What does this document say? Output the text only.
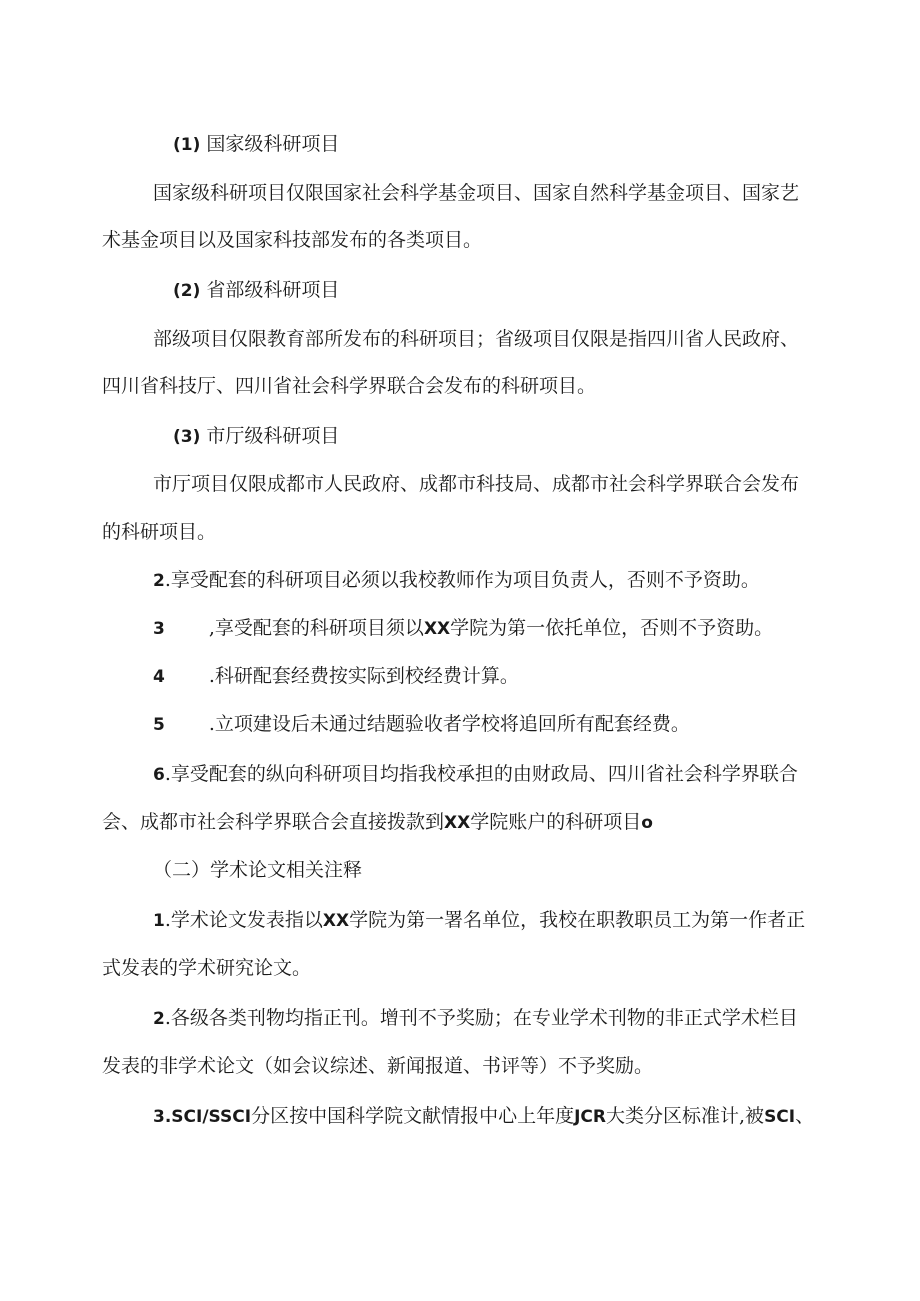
(1) 国家级科研项目
国家级科研项目仅限国家社会科学基金项目、国家自然科学基金项目、国家艺
术基金项目以及国家科技部发布的各类项目。
(2) 省部级科研项目
部级项目仅限教育部所发布的科研项目；省级项目仅限是指四川省人民政府、
四川省科技厅、四川省社会科学界联合会发布的科研项目。
(3) 市厅级科研项目
市厅项目仅限成都市人民政府、成都市科技局、成都市社会科学界联合会发布
的科研项目。
2.享受配套的科研项目必须以我校教师作为项目负责人，否则不予资助。
3 ,享受配套的科研项目须以XX学院为第一依托单位，否则不予资助。
4 .科研配套经费按实际到校经费计算。
5 .立项建设后未通过结题验收者学校将追回所有配套经费。
6.享受配套的纵向科研项目均指我校承担的由财政局、四川省社会科学界联合
会、成都市社会科学界联合会直接拨款到XX学院账户的科研项目o
（二）学术论文相关注释
1.学术论文发表指以XX学院为第一署名单位，我校在职教职员工为第一作者正
式发表的学术研究论文。
2.各级各类刊物均指正刊。增刊不予奖励；在专业学术刊物的非正式学术栏目
发表的非学术论文（如会议综述、新闻报道、书评等）不予奖励。
3.SCI/SSCI分区按中国科学院文献情报中心上年度JCR大类分区标准计,被SCI、
